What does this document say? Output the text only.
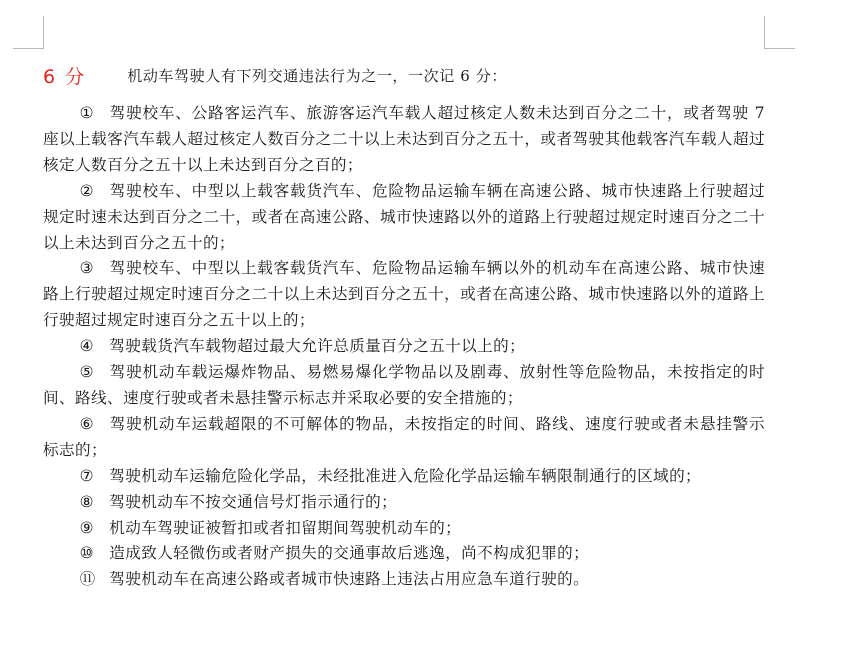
6 分	机动车驾驶人有下列交通违法行为之一，一次记 6 分：

① 驾驶校车、公路客运汽车、旅游客运汽车载人超过核定人数未达到百分之二十，或者驾驶 7 座以上载客汽车载人超过核定人数百分之二十以上未达到百分之五十，或者驾驶其他载客汽车载人超过核定人数百分之五十以上未达到百分之百的；

② 驾驶校车、中型以上载客载货汽车、危险物品运输车辆在高速公路、城市快速路上行驶超过规定时速未达到百分之二十，或者在高速公路、城市快速路以外的道路上行驶超过规定时速百分之二十以上未达到百分之五十的；

③ 驾驶校车、中型以上载客载货汽车、危险物品运输车辆以外的机动车在高速公路、城市快速路上行驶超过规定时速百分之二十以上未达到百分之五十，或者在高速公路、城市快速路以外的道路上行驶超过规定时速百分之五十以上的；

④ 驾驶载货汽车载物超过最大允许总质量百分之五十以上的；

⑤ 驾驶机动车载运爆炸物品、易燃易爆化学物品以及剧毒、放射性等危险物品，未按指定的时间、路线、速度行驶或者未悬挂警示标志并采取必要的安全措施的；

⑥ 驾驶机动车运载超限的不可解体的物品，未按指定的时间、路线、速度行驶或者未悬挂警示标志的；

⑦ 驾驶机动车运输危险化学品，未经批准进入危险化学品运输车辆限制通行的区域的；

⑧ 驾驶机动车不按交通信号灯指示通行的；

⑨ 机动车驾驶证被暂扣或者扣留期间驾驶机动车的；

⑩ 造成致人轻微伤或者财产损失的交通事故后逃逸，尚不构成犯罪的；

⑪ 驾驶机动车在高速公路或者城市快速路上违法占用应急车道行驶的。
